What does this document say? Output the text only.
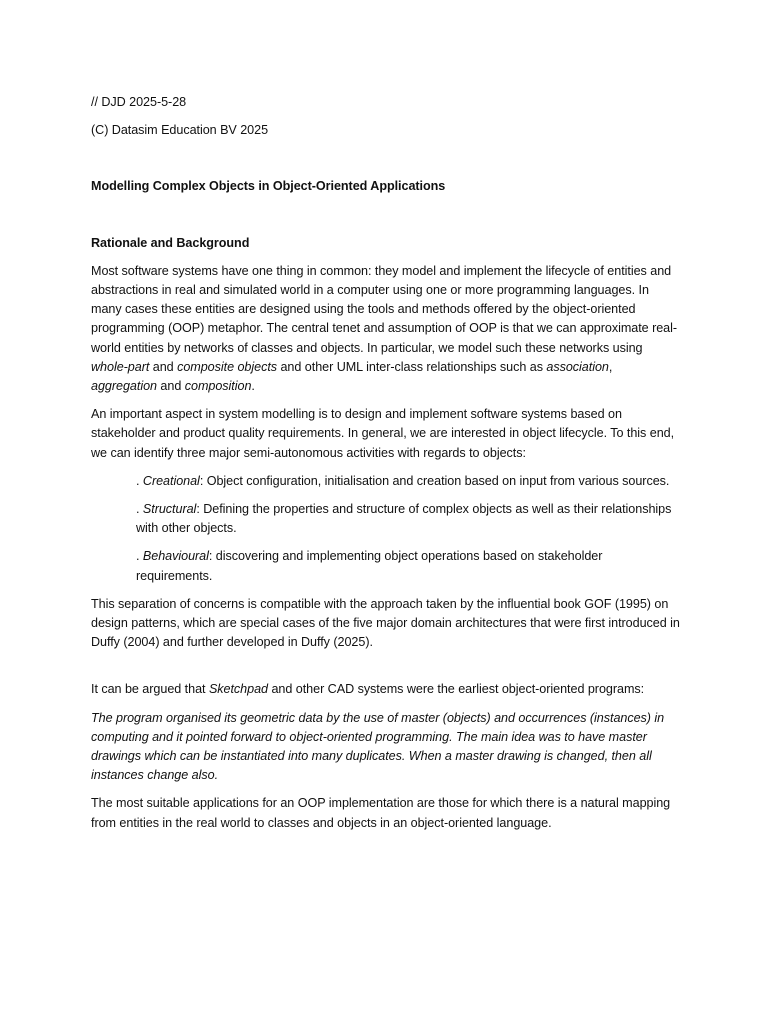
// DJD 2025-5-28

(C) Datasim Education BV 2025

Modelling Complex Objects in Object-Oriented Applications

Rationale and Background

Most software systems have one thing in common: they model and implement the lifecycle of entities and abstractions in real and simulated world in a computer using one or more programming languages. In many cases these entities are designed using the tools and methods offered by the object-oriented programming (OOP) metaphor. The central tenet and assumption of OOP is that we can approximate real-world entities by networks of classes and objects. In particular, we model such these networks using whole-part and composite objects and other UML inter-class relationships such as association, aggregation and composition.

An important aspect in system modelling is to design and implement software systems based on stakeholder and product quality requirements. In general, we are interested in object lifecycle. To this end, we can identify three major semi-autonomous activities with regards to objects:

. Creational: Object configuration, initialisation and creation based on input from various sources.

. Structural: Defining the properties and structure of complex objects as well as their relationships with other objects.

. Behavioural: discovering and implementing object operations based on stakeholder requirements.

This separation of concerns is compatible with the approach taken by the influential book GOF (1995) on design patterns, which are special cases of the five major domain architectures that were first introduced in Duffy (2004) and further developed in Duffy (2025).

It can be argued that Sketchpad and other CAD systems were the earliest object-oriented programs:

The program organised its geometric data by the use of master (objects) and occurrences (instances) in computing and it pointed forward to object-oriented programming. The main idea was to have master drawings which can be instantiated into many duplicates. When a master drawing is changed, then all instances change also.

The most suitable applications for an OOP implementation are those for which there is a natural mapping from entities in the real world to classes and objects in an object-oriented language.
